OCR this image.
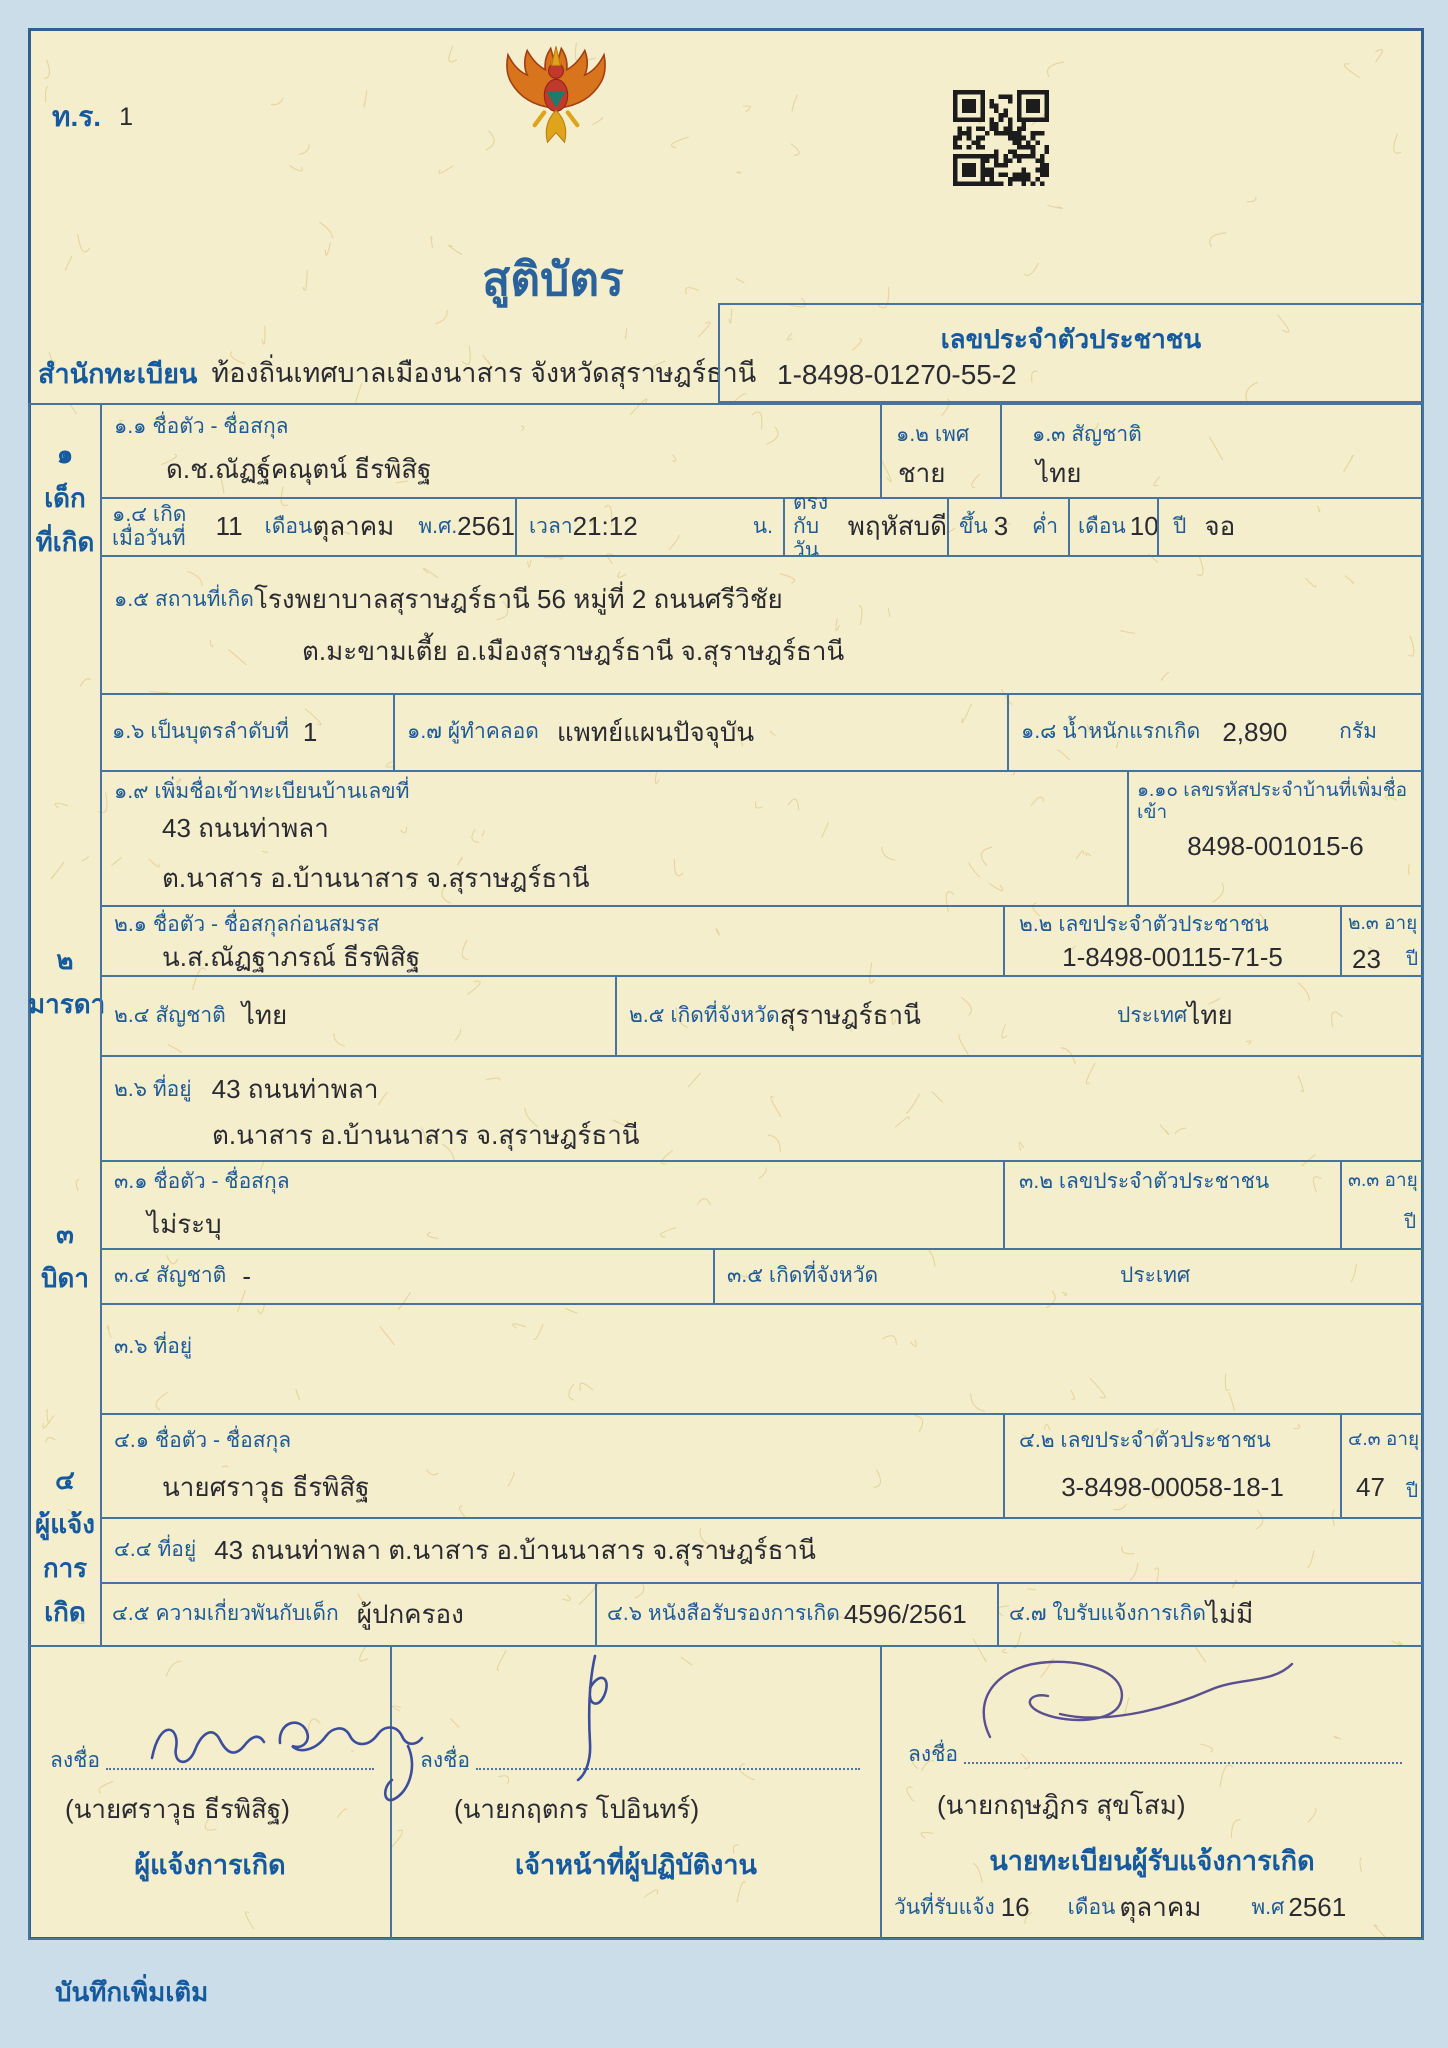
ท.ร. 1
สูติบัตร
สำนักทะเบียน ท้องถิ่นเทศบาลเมืองนาสาร จังหวัดสุราษฎร์ธานี
เลขประจำตัวประชาชน
1-8498-01270-55-2
๑
เด็ก
ที่เกิด
๒
มารดา
๓
บิดา
๔
ผู้แจ้ง
การเกิด
๑.๑ ชื่อตัว - ชื่อสกุล
ด.ช.ณัฏฐ์คณุตน์ ธีรพิสิฐ
๑.๒ เพศ
ชาย
๑.๓ สัญชาติ
ไทย
๑.๔ เกิดเมื่อวันที่	11 เดือน ตุลาคม พ.ศ. 2561 เวลา 21:12	น.
ตรงกับวัน
พฤหัสบดี ขึ้น 3 ค่ำ เดือน 10 ปี จอ
๑.๕ สถานที่เกิด โรงพยาบาลสุราษฎร์ธานี 56 หมู่ที่ 2 ถนนศรีวิชัย
ต.มะขามเตี้ย อ.เมืองสุราษฎร์ธานี จ.สุราษฎร์ธานี
๑.๖ เป็นบุตรลำดับที่ 1	๑.๗ ผู้ทำคลอด แพทย์แผนปัจจุบัน	๑.๘ น้ำหนักแรกเกิด 2,890 กรัม
๑.๙ เพิ่มชื่อเข้าทะเบียนบ้านเลขที่
43 ถนนท่าพลา
ต.นาสาร อ.บ้านนาสาร จ.สุราษฎร์ธานี
๑.๑๐ เลขรหัสประจำบ้านที่เพิ่มชื่อเข้า
8498-001015-6
๒.๑ ชื่อตัว - ชื่อสกุลก่อนสมรส
น.ส.ณัฏฐาภรณ์ ธีรพิสิฐ
๒.๒ เลขประจำตัวประชาชน
1-8498-00115-71-5
๒.๓ อายุ
23 ปี
๒.๔ สัญชาติ ไทย	๒.๕ เกิดที่จังหวัด สุราษฎร์ธานี	ประเทศ ไทย
๒.๖ ที่อยู่ 43 ถนนท่าพลา
ต.นาสาร อ.บ้านนาสาร จ.สุราษฎร์ธานี
๓.๑ ชื่อตัว - ชื่อสกุล
ไม่ระบุ
๓.๒ เลขประจำตัวประชาชน	๓.๓ อายุ
ปี
๓.๔ สัญชาติ -	๓.๕ เกิดที่จังหวัด	ประเทศ
๓.๖ ที่อยู่
๔.๑ ชื่อตัว - ชื่อสกุล
นายศราวุธ ธีรพิสิฐ
๔.๒ เลขประจำตัวประชาชน
3-8498-00058-18-1
๔.๓ อายุ
47 ปี
๔.๔ ที่อยู่ 43 ถนนท่าพลา ต.นาสาร อ.บ้านนาสาร จ.สุราษฎร์ธานี
๔.๕ ความเกี่ยวพันกับเด็ก ผู้ปกครอง	๔.๖ หนังสือรับรองการเกิด 4596/2561 ๔.๗ ใบรับแจ้งการเกิด ไม่มี
ลงชื่อ
(นายศราวุธ ธีรพิสิฐ)
ผู้แจ้งการเกิด
ลงชื่อ
(นายกฤตกร โปอินทร์)
เจ้าหน้าที่ผู้ปฏิบัติงาน
ลงชื่อ
(นายกฤษฎิกร สุขโสม)
นายทะเบียนผู้รับแจ้งการเกิด
วันที่รับแจ้ง 16 เดือน ตุลาคม พ.ศ 2561
บันทึกเพิ่มเติม
